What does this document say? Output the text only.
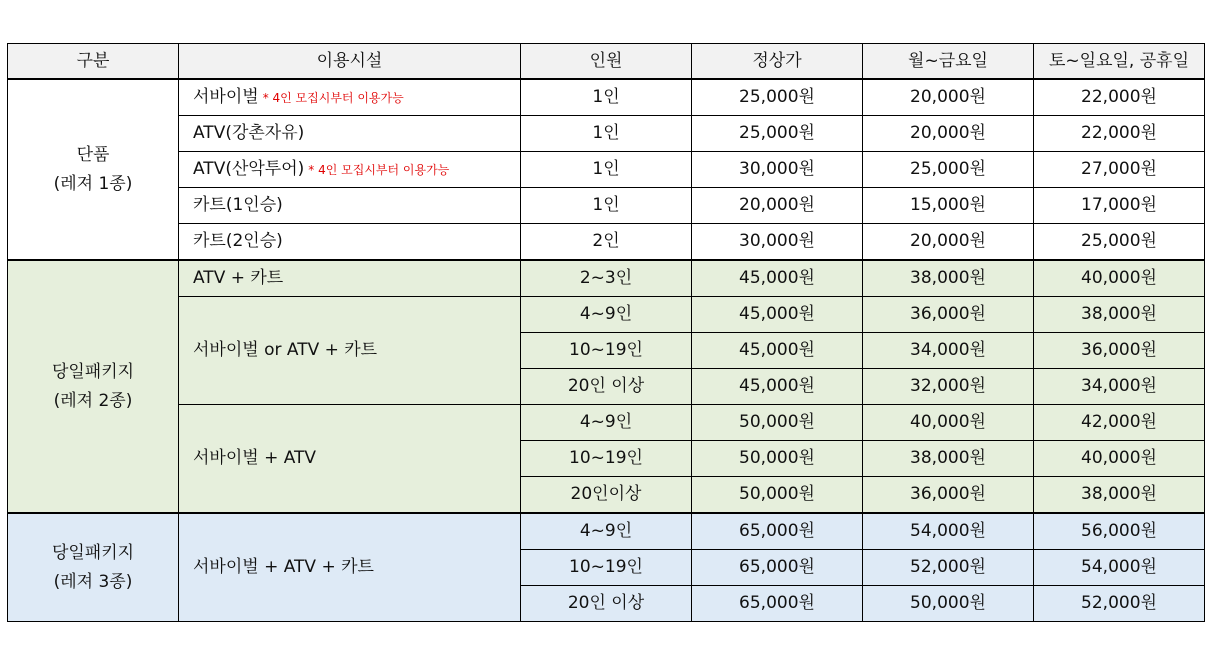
구분	이용시설	인원	정상가	월~금요일	토~일요일, 공휴일
단품
(레져 1종)	서바이벌 * 4인 모집시부터 이용가능	1인	25,000원	20,000원	22,000원
	ATV(강촌자유)	1인	25,000원	20,000원	22,000원
	ATV(산악투어) * 4인 모집시부터 이용가능	1인	30,000원	25,000원	27,000원
	카트(1인승)	1인	20,000원	15,000원	17,000원
	카트(2인승)	2인	30,000원	20,000원	25,000원
당일패키지
(레져 2종)	ATV + 카트	2~3인	45,000원	38,000원	40,000원
	서바이벌 or ATV + 카트	4~9인	45,000원	36,000원	38,000원
		10~19인	45,000원	34,000원	36,000원
		20인 이상	45,000원	32,000원	34,000원
	서바이벌 + ATV	4~9인	50,000원	40,000원	42,000원
		10~19인	50,000원	38,000원	40,000원
		20인이상	50,000원	36,000원	38,000원
당일패키지
(레져 3종)	서바이벌 + ATV + 카트	4~9인	65,000원	54,000원	56,000원
		10~19인	65,000원	52,000원	54,000원
		20인 이상	65,000원	50,000원	52,000원
